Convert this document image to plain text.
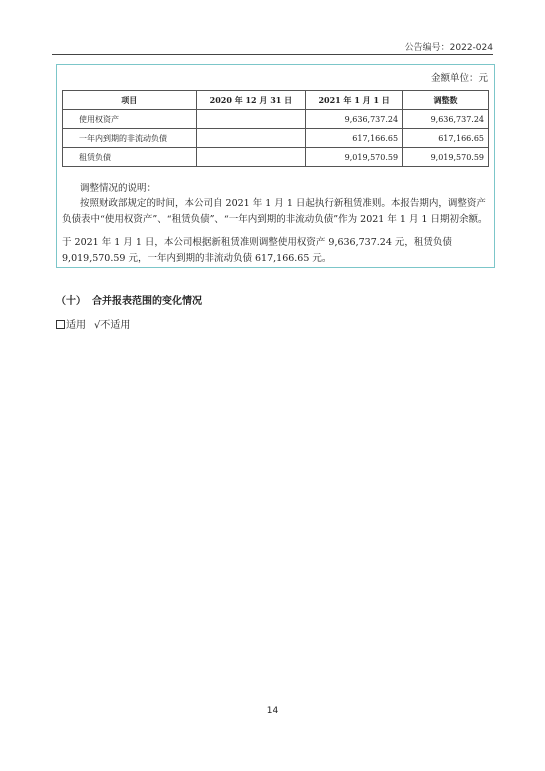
公告编号：2022-024
金额单位：元
项目	2020 年 12 月 31 日	2021 年 1 月 1 日	调整数
使用权资产		9,636,737.24	9,636,737.24
一年内到期的非流动负债		617,166.65	617,166.65
租赁负债		9,019,570.59	9,019,570.59
调整情况的说明：
按照财政部规定的时间，本公司自 2021 年 1 月 1 日起执行新租赁准则。本报告期内，调整资产负债表中“使用权资产”、“租赁负债”、“一年内到期的非流动负债”作为 2021 年 1 月 1 日期初余额。
于 2021 年 1 月 1 日，本公司根据新租赁准则调整使用权资产 9,636,737.24 元，租赁负债 9,019,570.59 元，一年内到期的非流动负债 617,166.65 元。
（十） 合并报表范围的变化情况
适用 √不适用
14
